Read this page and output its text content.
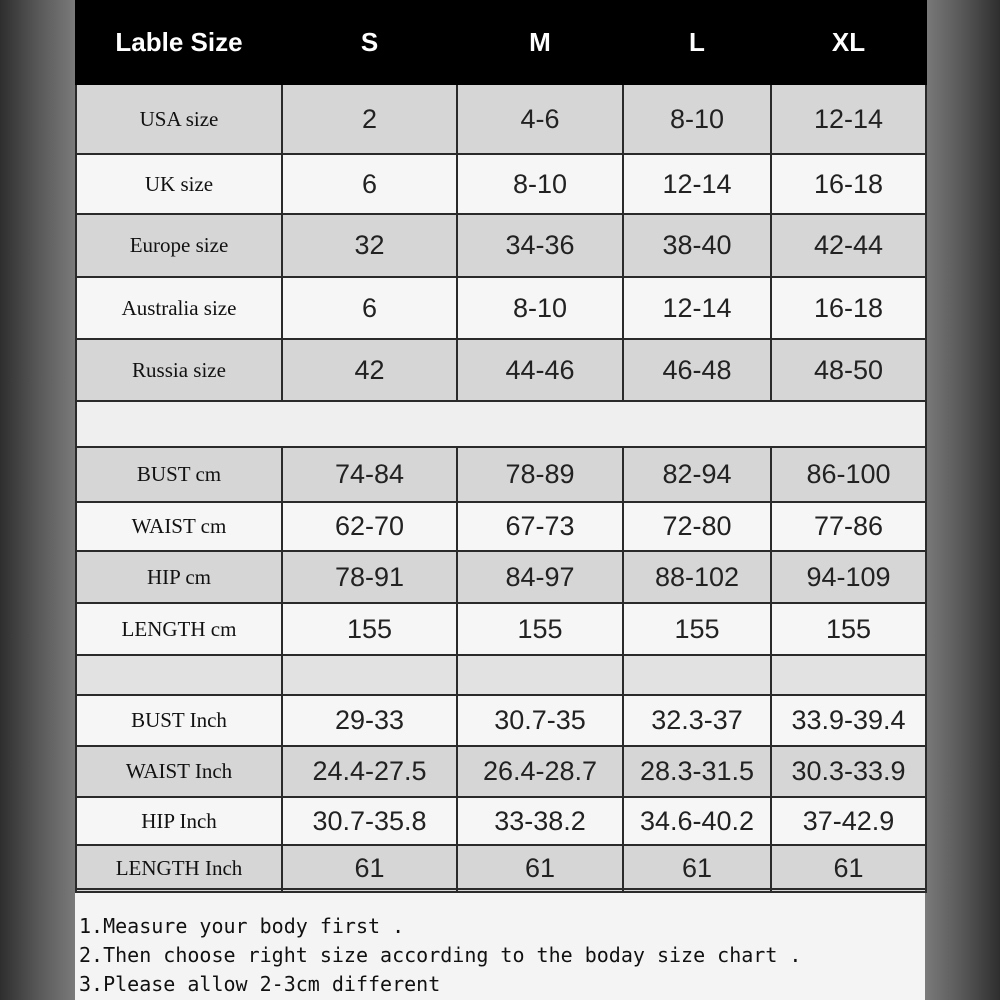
Lable Size	S	M	L	XL
USA size	2	4-6	8-10	12-14
UK size	6	8-10	12-14	16-18
Europe size	32	34-36	38-40	42-44
Australia size	6	8-10	12-14	16-18
Russia size	42	44-46	46-48	48-50

BUST cm	74-84	78-89	82-94	86-100
WAIST cm	62-70	67-73	72-80	77-86
HIP cm	78-91	84-97	88-102	94-109
LENGTH cm	155	155	155	155

BUST Inch	29-33	30.7-35	32.3-37	33.9-39.4
WAIST Inch	24.4-27.5	26.4-28.7	28.3-31.5	30.3-33.9
HIP Inch	30.7-35.8	33-38.2	34.6-40.2	37-42.9
LENGTH Inch	61	61	61	61
1.Measure your body first .
2.Then choose right size according to the boday size chart .
3.Please allow 2-3cm different
